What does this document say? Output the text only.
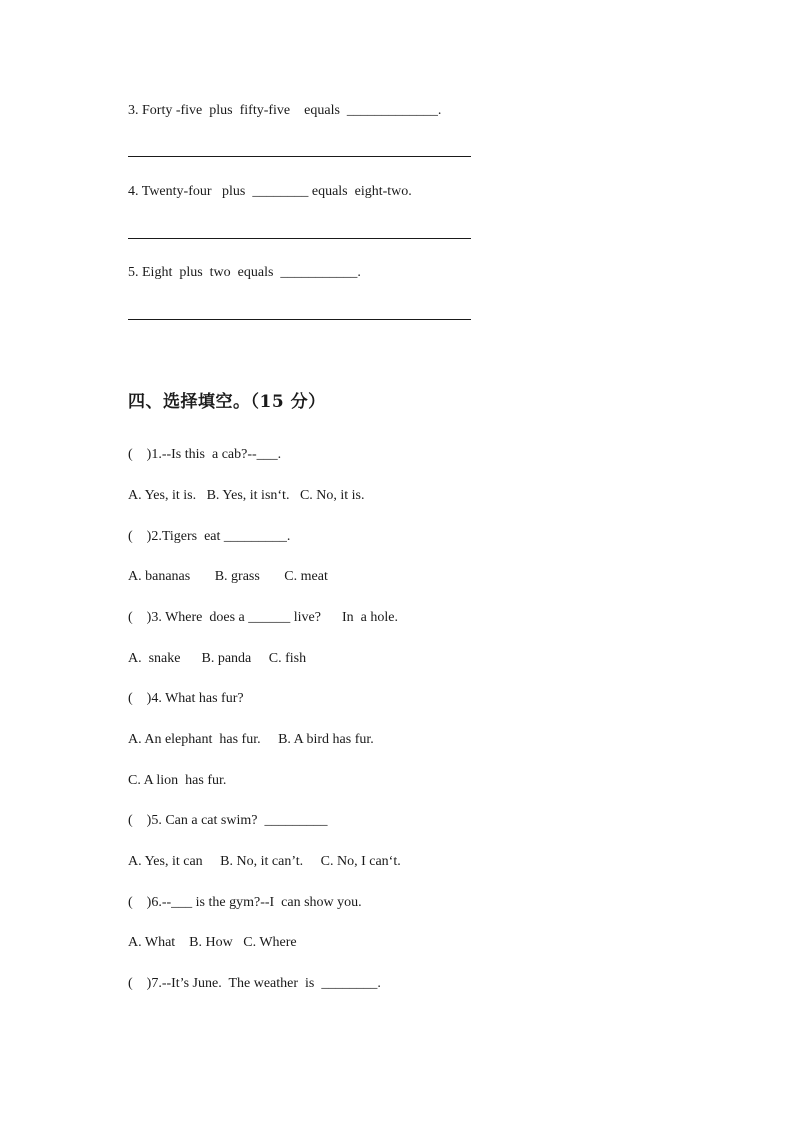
3. Forty -five  plus  fifty-five    equals  _____________.
4. Twenty-four   plus  ________ equals  eight-two.
5. Eight  plus  two  equals  ___________.
四、选择填空。（15 分）
(    )1.--Is this  a cab?--___.
A. Yes, it is.   B. Yes, it isn‘t.   C. No, it is.
(    )2.Tigers  eat _________.
A. bananas       B. grass       C. meat
(    )3. Where  does a ______ live?      In  a hole.
A.  snake      B. panda     C. fish
(    )4. What has fur?
A. An elephant  has fur.     B. A bird has fur.
C. A lion  has fur.
(    )5. Can a cat swim?  _________
A. Yes, it can     B. No, it can’t.     C. No, I can‘t.
(    )6.--___ is the gym?--I  can show you.
A. What    B. How   C. Where
(    )7.--It’s June.  The weather  is  ________.
